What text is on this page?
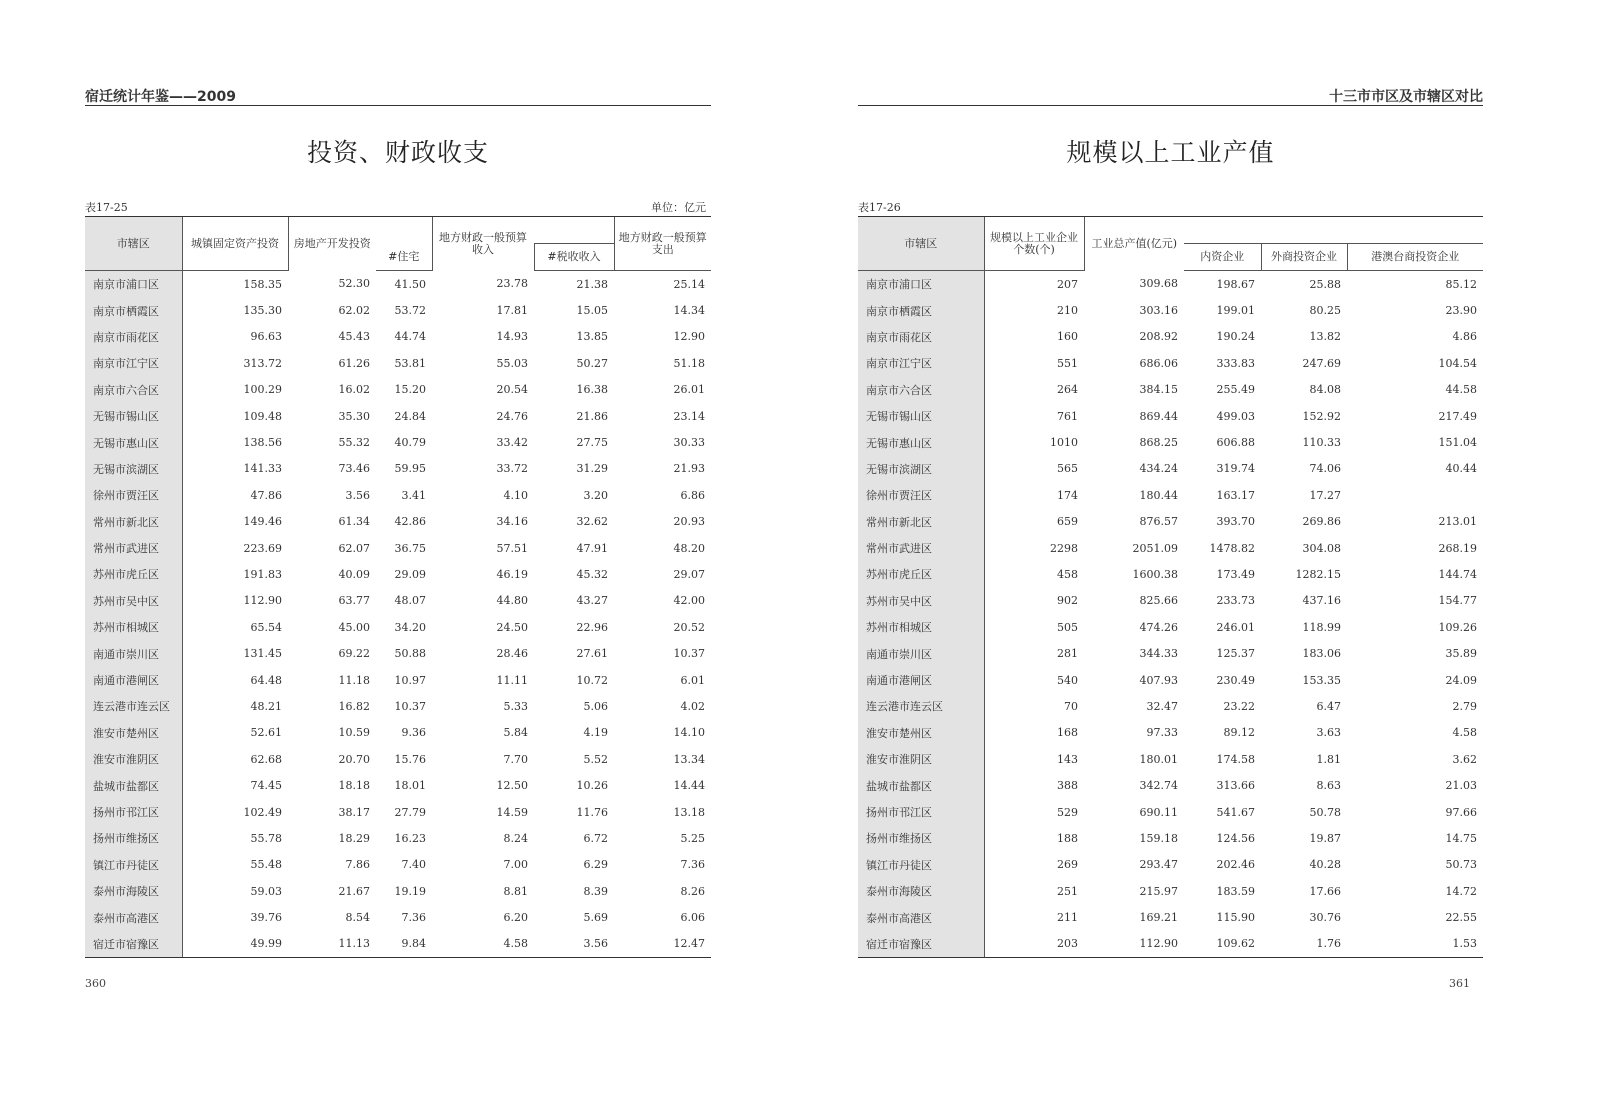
宿迁统计年鉴——2009
投资、财政收支
表17-25	单位：亿元
市辖区	城镇固定资产投资	房地产开发投资		地方财政一般预算收入		地方财政一般预算支出
			#住宅		#税收收入	
南京市浦口区	158.35	52.30	41.50	23.78	21.38	25.14
南京市栖霞区	135.30	62.02	53.72	17.81	15.05	14.34
南京市雨花区	96.63	45.43	44.74	14.93	13.85	12.90
南京市江宁区	313.72	61.26	53.81	55.03	50.27	51.18
南京市六合区	100.29	16.02	15.20	20.54	16.38	26.01
无锡市锡山区	109.48	35.30	24.84	24.76	21.86	23.14
无锡市惠山区	138.56	55.32	40.79	33.42	27.75	30.33
无锡市滨湖区	141.33	73.46	59.95	33.72	31.29	21.93
徐州市贾汪区	47.86	3.56	3.41	4.10	3.20	6.86
常州市新北区	149.46	61.34	42.86	34.16	32.62	20.93
常州市武进区	223.69	62.07	36.75	57.51	47.91	48.20
苏州市虎丘区	191.83	40.09	29.09	46.19	45.32	29.07
苏州市吴中区	112.90	63.77	48.07	44.80	43.27	42.00
苏州市相城区	65.54	45.00	34.20	24.50	22.96	20.52
南通市崇川区	131.45	69.22	50.88	28.46	27.61	10.37
南通市港闸区	64.48	11.18	10.97	11.11	10.72	6.01
连云港市连云区	48.21	16.82	10.37	5.33	5.06	4.02
淮安市楚州区	52.61	10.59	9.36	5.84	4.19	14.10
淮安市淮阴区	62.68	20.70	15.76	7.70	5.52	13.34
盐城市盐都区	74.45	18.18	18.01	12.50	10.26	14.44
扬州市邗江区	102.49	38.17	27.79	14.59	11.76	13.18
扬州市维扬区	55.78	18.29	16.23	8.24	6.72	5.25
镇江市丹徒区	55.48	7.86	7.40	7.00	6.29	7.36
泰州市海陵区	59.03	21.67	19.19	8.81	8.39	8.26
泰州市高港区	39.76	8.54	7.36	6.20	5.69	6.06
宿迁市宿豫区	49.99	11.13	9.84	4.58	3.56	12.47
360
十三市市区及市辖区对比
规模以上工业产值
表17-26
市辖区	规模以上工业企业个数(个)	工业总产值(亿元)			
			内资企业	外商投资企业	港澳台商投资企业
南京市浦口区	207	309.68	198.67	25.88	85.12
南京市栖霞区	210	303.16	199.01	80.25	23.90
南京市雨花区	160	208.92	190.24	13.82	4.86
南京市江宁区	551	686.06	333.83	247.69	104.54
南京市六合区	264	384.15	255.49	84.08	44.58
无锡市锡山区	761	869.44	499.03	152.92	217.49
无锡市惠山区	1010	868.25	606.88	110.33	151.04
无锡市滨湖区	565	434.24	319.74	74.06	40.44
徐州市贾汪区	174	180.44	163.17	17.27	
常州市新北区	659	876.57	393.70	269.86	213.01
常州市武进区	2298	2051.09	1478.82	304.08	268.19
苏州市虎丘区	458	1600.38	173.49	1282.15	144.74
苏州市吴中区	902	825.66	233.73	437.16	154.77
苏州市相城区	505	474.26	246.01	118.99	109.26
南通市崇川区	281	344.33	125.37	183.06	35.89
南通市港闸区	540	407.93	230.49	153.35	24.09
连云港市连云区	70	32.47	23.22	6.47	2.79
淮安市楚州区	168	97.33	89.12	3.63	4.58
淮安市淮阴区	143	180.01	174.58	1.81	3.62
盐城市盐都区	388	342.74	313.66	8.63	21.03
扬州市邗江区	529	690.11	541.67	50.78	97.66
扬州市维扬区	188	159.18	124.56	19.87	14.75
镇江市丹徒区	269	293.47	202.46	40.28	50.73
泰州市海陵区	251	215.97	183.59	17.66	14.72
泰州市高港区	211	169.21	115.90	30.76	22.55
宿迁市宿豫区	203	112.90	109.62	1.76	1.53
361
